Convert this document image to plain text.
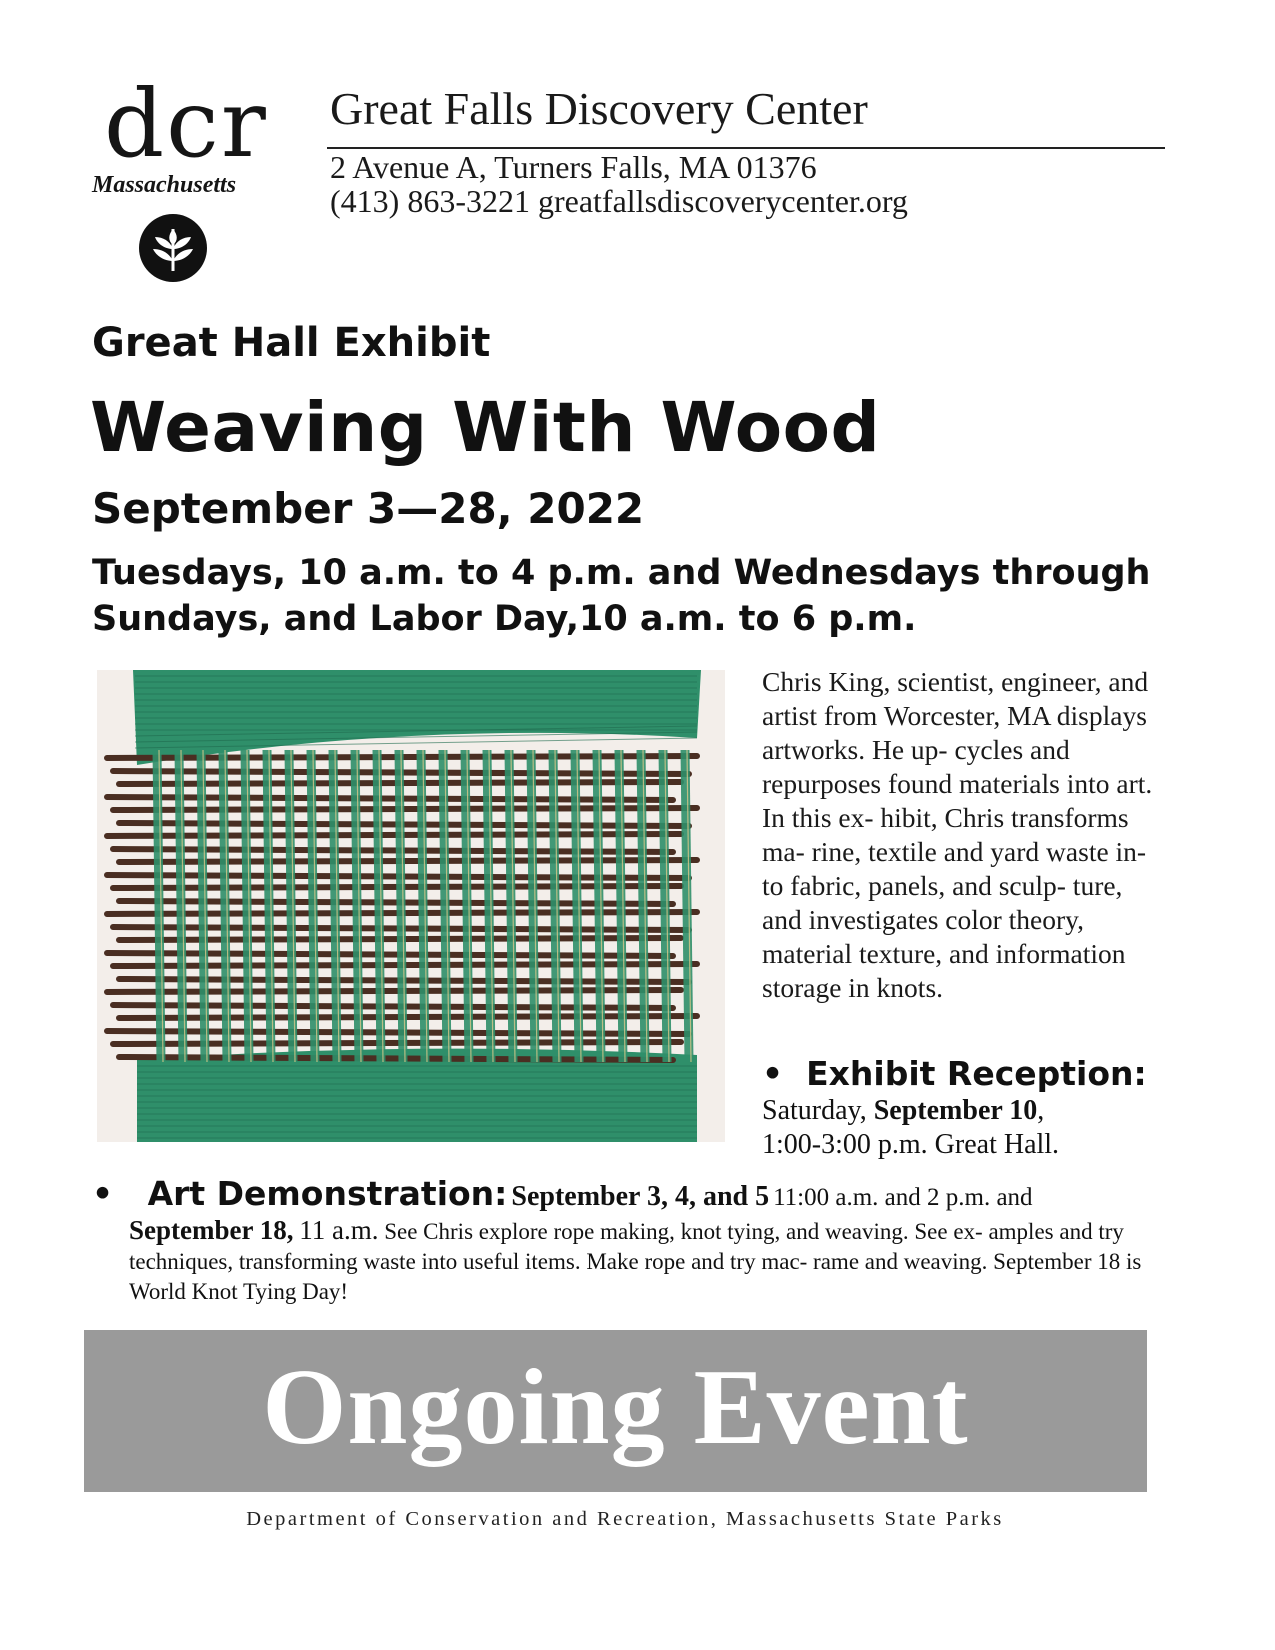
dcr
Massachusetts
Great Falls Discovery Center
2 Avenue A, Turners Falls, MA 01376
(413) 863-3221 greatfallsdiscoverycenter.org
Great Hall Exhibit
Weaving With Wood
September 3—28, 2022
Tuesdays, 10 a.m. to 4 p.m. and Wednesdays through Sundays, and Labor Day,10 a.m. to 6 p.m.
Chris King, scientist, engineer, and artist from Worcester, MA displays artworks. He up- cycles and repurposes found materials into art. In this ex- hibit, Chris transforms ma- rine, textile and yard waste in- to fabric, panels, and sculp- ture, and investigates color theory, material texture, and information storage in knots.
•  Exhibit Reception:
Saturday, September 10,
1:00-3:00 p.m. Great Hall.
•   Art Demonstration: September 3, 4, and 5 11:00 a.m. and 2 p.m. and
September 18, 11 a.m. See Chris explore rope making, knot tying, and weaving. See ex- amples and try techniques, transforming waste into useful items. Make rope and try mac- rame and weaving. September 18 is World Knot Tying Day!
Ongoing Event
Department of Conservation and Recreation, Massachusetts State Parks
